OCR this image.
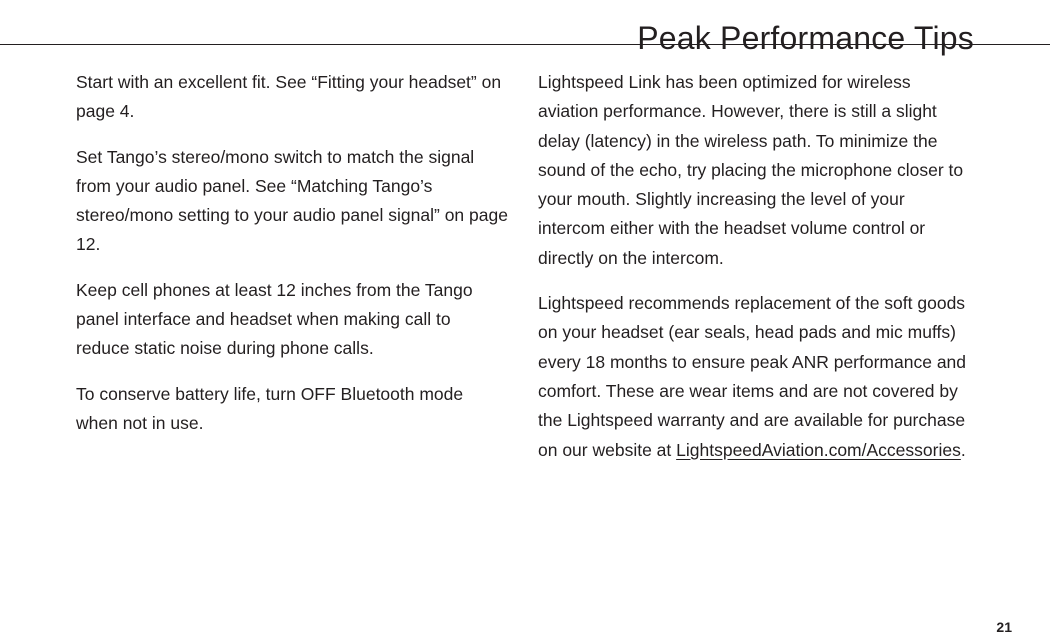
Peak Performance Tips

Start with an excellent fit. See “Fitting your headset” on page 4.

Set Tango’s stereo/mono switch to match the signal from your audio panel. See “Matching Tango’s stereo/mono setting to your audio panel signal” on page 12.

Keep cell phones at least 12 inches from the Tango panel interface and headset when making call to reduce static noise during phone calls.

To conserve battery life, turn OFF Bluetooth mode when not in use.

Lightspeed Link has been optimized for wireless aviation performance. However, there is still a slight delay (latency) in the wireless path. To minimize the sound of the echo, try placing the microphone closer to your mouth. Slightly increasing the level of your intercom either with the headset volume control or directly on the intercom.

Lightspeed recommends replacement of the soft goods on your headset (ear seals, head pads and mic muffs) every 18 months to ensure peak ANR performance and comfort. These are wear items and are not covered by the Lightspeed warranty and are available for purchase on our website at LightspeedAviation.com/Accessories.

21
